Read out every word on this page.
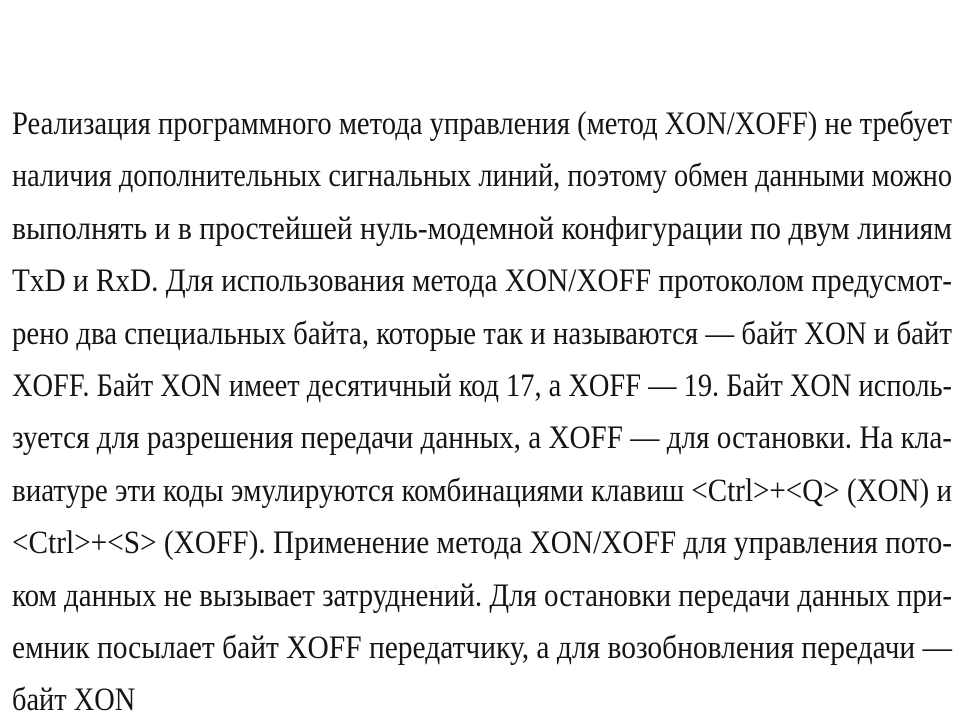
Реализация программного метода управления (метод XON/XOFF) не требует
наличия дополнительных сигнальных линий, поэтому обмен данными можно
выполнять и в простейшей нуль-модемной конфигурации по двум линиям
TxD и RxD. Для использования метода XON/XOFF протоколом предусмот-
рено два специальных байта, которые так и называются — байт XON и байт
XOFF. Байт XON имеет десятичный код 17, а XOFF — 19. Байт XON исполь-
зуется для разрешения передачи данных, а XOFF — для остановки. На кла-
виатуре эти коды эмулируются комбинациями клавиш <Ctrl>+<Q> (XON) и
<Ctrl>+<S> (XOFF). Применение метода XON/XOFF для управления пото-
ком данных не вызывает затруднений. Для остановки передачи данных при-
емник посылает байт XOFF передатчику, а для возобновления передачи —
байт XON
